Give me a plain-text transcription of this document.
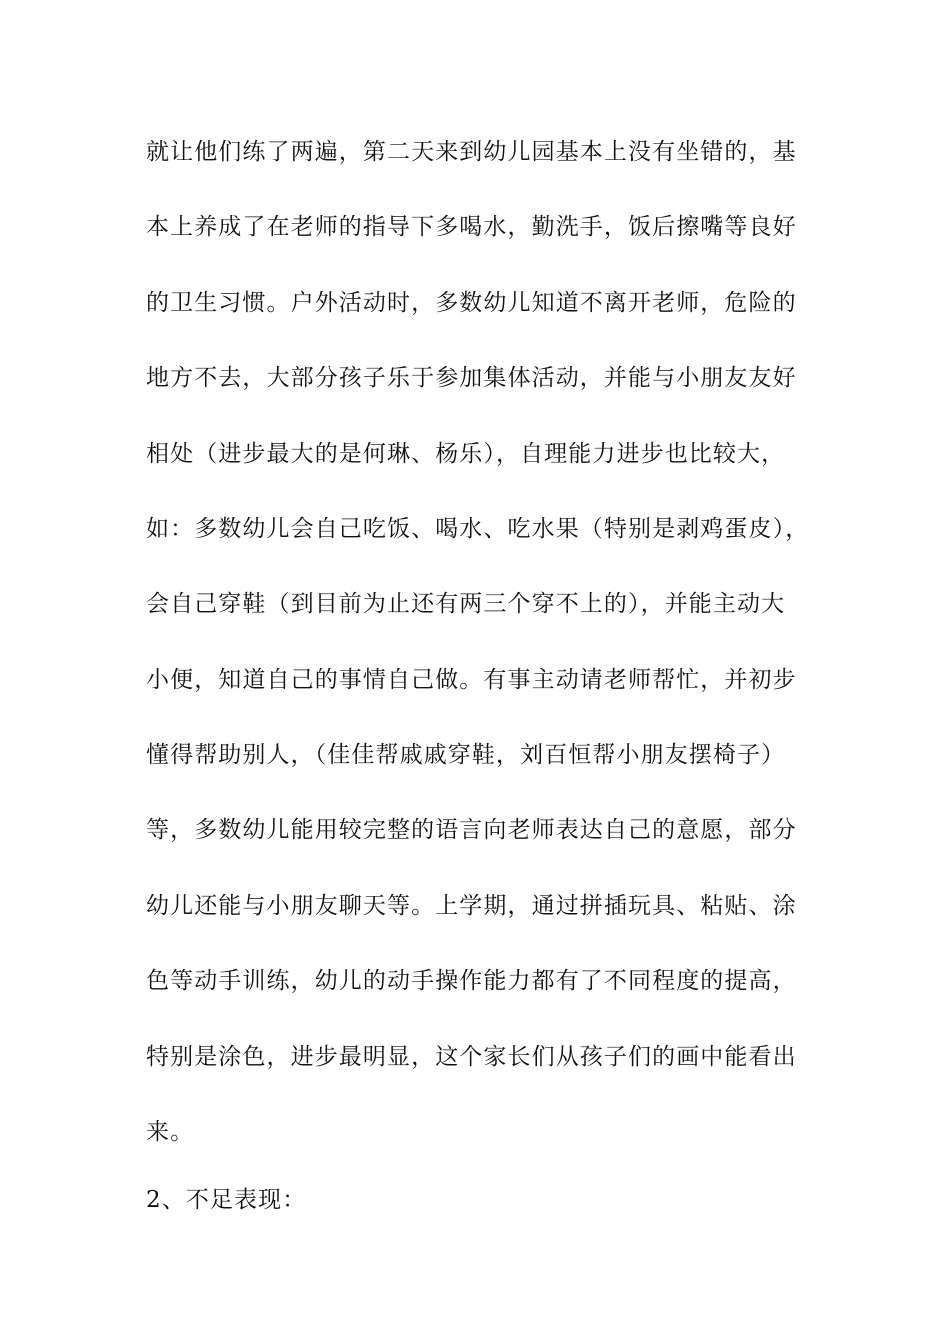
就让他们练了两遍，第二天来到幼儿园基本上没有坐错的，基
本上养成了在老师的指导下多喝水，勤洗手，饭后擦嘴等良好
的卫生习惯。户外活动时，多数幼儿知道不离开老师，危险的
地方不去，大部分孩子乐于参加集体活动，并能与小朋友友好
相处（进步最大的是何琳、杨乐），自理能力进步也比较大，
如：多数幼儿会自己吃饭、喝水、吃水果（特别是剥鸡蛋皮），
会自己穿鞋（到目前为止还有两三个穿不上的），并能主动大
小便，知道自己的事情自己做。有事主动请老师帮忙，并初步
懂得帮助别人，（佳佳帮戚戚穿鞋，刘百恒帮小朋友摆椅子）
等，多数幼儿能用较完整的语言向老师表达自己的意愿，部分
幼儿还能与小朋友聊天等。上学期，通过拼插玩具、粘贴、涂
色等动手训练，幼儿的动手操作能力都有了不同程度的提高，
特别是涂色，进步最明显，这个家长们从孩子们的画中能看出
来。
2、不足表现：
